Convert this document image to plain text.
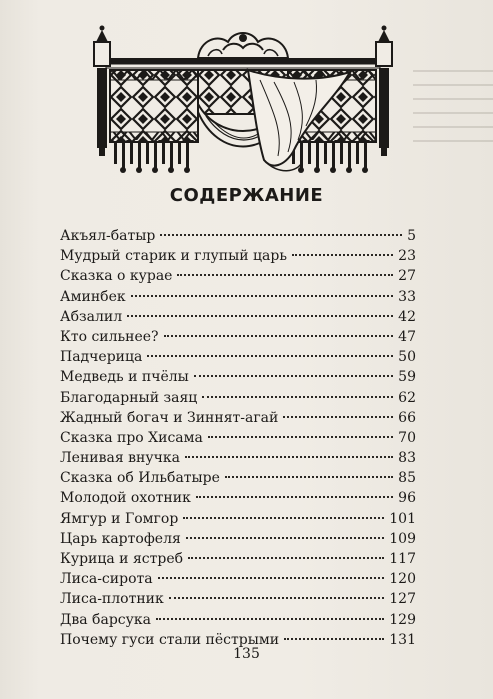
СОДЕРЖАНИЕ
Акъял-батыр	5
Мудрый старик и глупый царь	23
Сказка о курае	27
Аминбек	33
Абзалил	42
Кто сильнее?	47
Падчерица	50
Медведь и пчёлы	59
Благодарный заяц	62
Жадный богач и Зиннят-агай	66
Сказка про Хисама	70
Ленивая внучка	83
Сказка об Ильбатыре	85
Молодой охотник	96
Ямгур и Гомгор	101
Царь картофеля	109
Курица и ястреб	117
Лиса-сирота	120
Лиса-плотник	127
Два барсука	129
Почему гуси стали пёстрыми	131
135
